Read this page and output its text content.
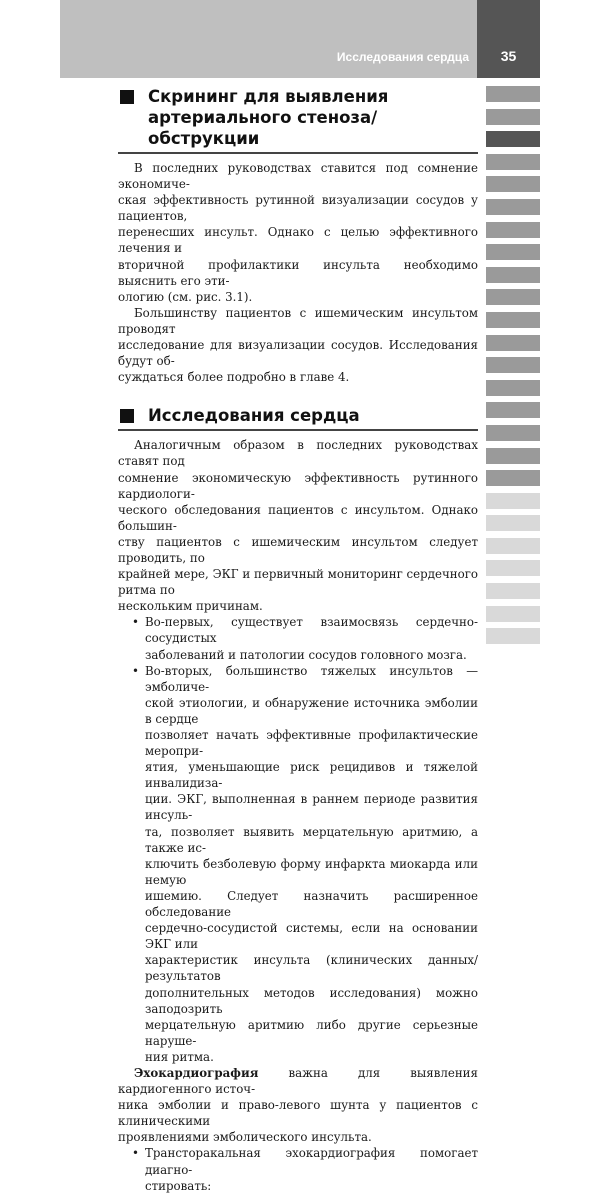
Исследования сердца	35
Скрининг для выявления
артериального стеноза/обструкции

В последних руководствах ставится под сомнение экономиче-
ская эффективность рутинной визуализации сосудов у пациентов,
перенесших инсульт. Однако с целью эффективного лечения и
вторичной профилактики инсульта необходимо выяснить его эти-
ологию (см. рис. 3.1).

Большинству пациентов с ишемическим инсультом проводят
исследование для визуализации сосудов. Исследования будут об-
суждаться более подробно в главе 4.

Исследования сердца

Аналогичным образом в последних руководствах ставят под
сомнение экономическую эффективность рутинного кардиологи-
ческого обследования пациентов с инсультом. Однако большин-
ству пациентов с ишемическим инсультом следует проводить, по
крайней мере, ЭКГ и первичный мониторинг сердечного ритма по
нескольким причинам.

• Во-первых, существует взаимосвязь сердечно-сосудистых
заболеваний и патологии сосудов головного мозга.
• Во-вторых, большинство тяжелых инсультов — эмболиче-
ской этиологии, и обнаружение источника эмболии в сердце
позволяет начать эффективные профилактические меропри-
ятия, уменьшающие риск рецидивов и тяжелой инвалидиза-
ции. ЭКГ, выполненная в раннем периоде развития инсуль-
та, позволяет выявить мерцательную аритмию, а также ис-
ключить безболевую форму инфаркта миокарда или немую
ишемию. Следует назначить расширенное обследование
сердечно-сосудистой системы, если на основании ЭКГ или
характеристик инсульта (клинических данных/результатов
дополнительных методов исследования) можно заподозрить
мерцательную аритмию либо другие серьезные наруше-
ния ритма.

Эхокардиография	важна для выявления кардиогенного источ-
ника эмболии и право-левого шунта у пациентов с клиническими
проявлениями эмболического инсульта.

• Трансторакальная эхокардиография помогает диагно-
стировать:
